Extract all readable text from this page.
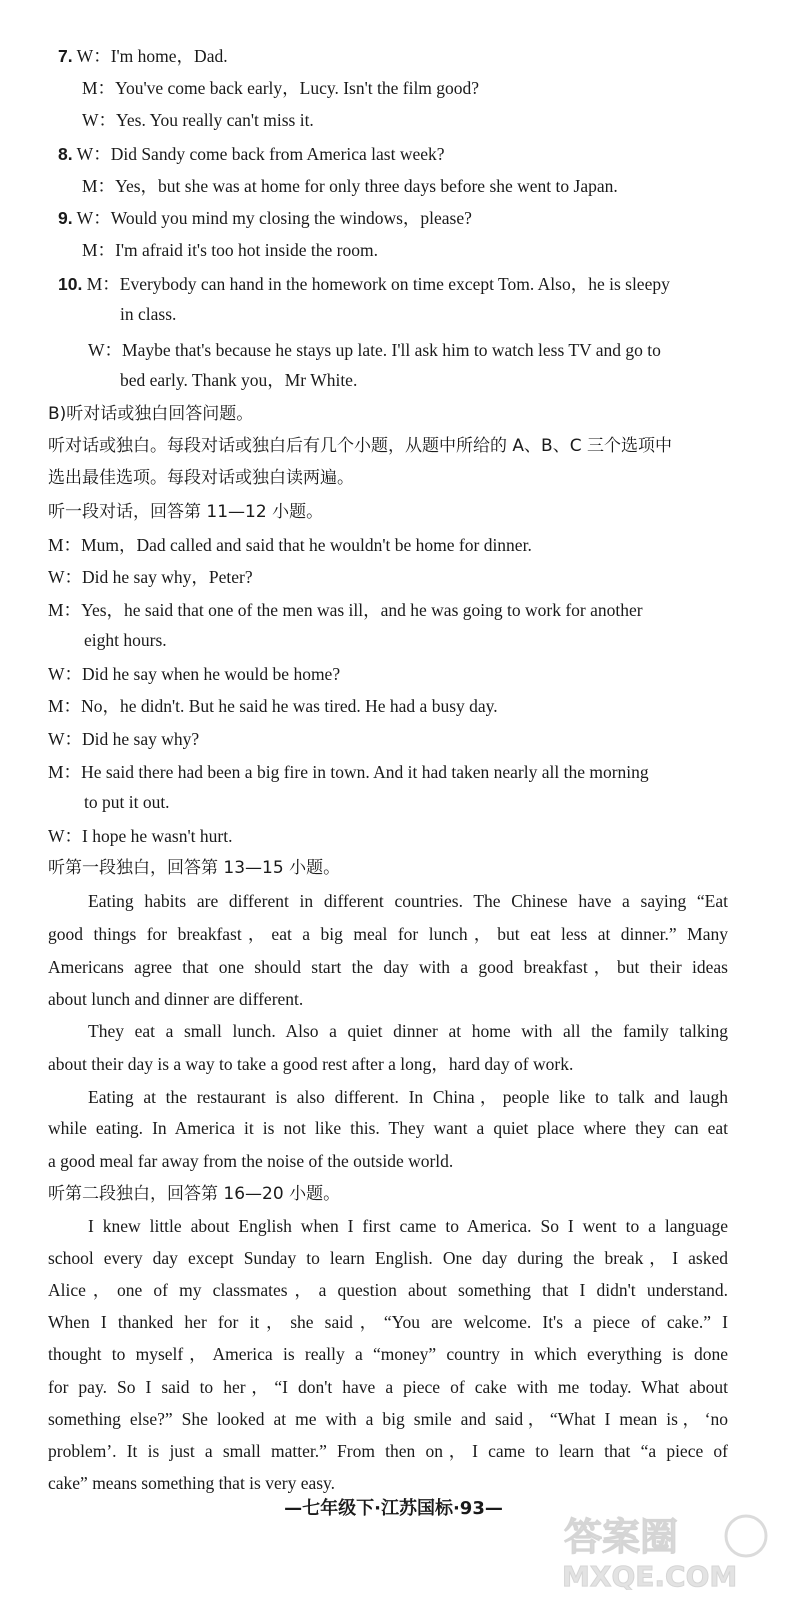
7. W：I'm home，Dad.
M：You've come back early，Lucy. Isn't the film good?
W：Yes. You really can't miss it.
8. W：Did Sandy come back from America last week?
M：Yes，but she was at home for only three days before she went to Japan.
9. W：Would you mind my closing the windows，please?
M：I'm afraid it's too hot inside the room.
10. M：Everybody can hand in the homework on time except Tom. Also，he is sleepy
in class.
W：Maybe that's because he stays up late. I'll ask him to watch less TV and go to
bed early. Thank you，Mr White.
B)听对话或独白回答问题。
听对话或独白。每段对话或独白后有几个小题，从题中所给的 A、B、C 三个选项中
选出最佳选项。每段对话或独白读两遍。
听一段对话，回答第 11—12 小题。
M：Mum，Dad called and said that he wouldn't be home for dinner.
W：Did he say why，Peter?
M：Yes，he said that one of the men was ill，and he was going to work for another
eight hours.
W：Did he say when he would be home?
M：No，he didn't. But he said he was tired. He had a busy day.
W：Did he say why?
M：He said there had been a big fire in town. And it had taken nearly all the morning
to put it out.
W：I hope he wasn't hurt.
听第一段独白，回答第 13—15 小题。
Eating habits are different in different countries. The Chinese have a saying “Eat
good things for breakfast，eat a big meal for lunch，but eat less at dinner.” Many
Americans agree that one should start the day with a good breakfast，but their ideas
about lunch and dinner are different.
They eat a small lunch. Also a quiet dinner at home with all the family talking
about their day is a way to take a good rest after a long，hard day of work.
Eating at the restaurant is also different. In China，people like to talk and laugh
while eating. In America it is not like this. They want a quiet place where they can eat
a good meal far away from the noise of the outside world.
听第二段独白，回答第 16—20 小题。
I knew little about English when I first came to America. So I went to a language
school every day except Sunday to learn English. One day during the break，I asked
Alice，one of my classmates，a question about something that I didn't understand.
When I thanked her for it，she said，“You are welcome. It's a piece of cake.” I
thought to myself，America is really a “money” country in which everything is done
for pay. So I said to her，“I don't have a piece of cake with me today. What about
something else?” She looked at me with a big smile and said，“What I mean is，‘no
problem’. It is just a small matter.” From then on，I came to learn that “a piece of
cake” means something that is very easy.
—七年级下·江苏国标·93—
答案圈
MXQE.COM
